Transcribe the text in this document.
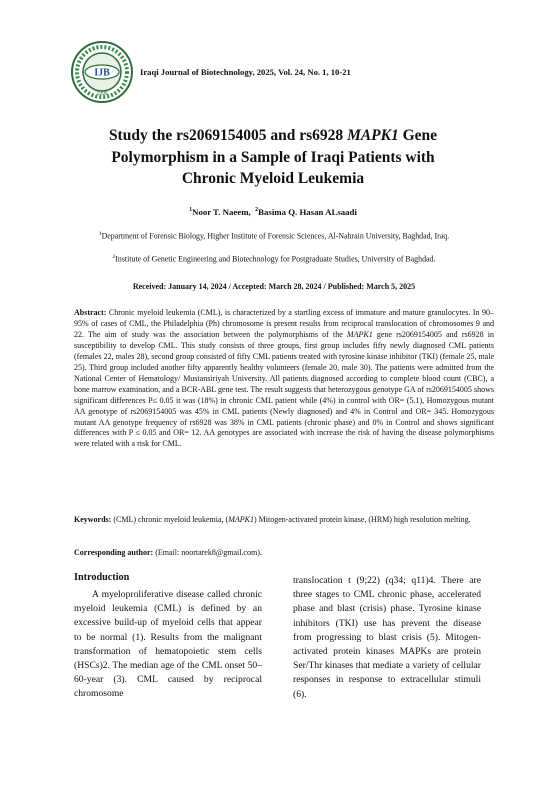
IJB
1999
Iraqi Journal of Biotechnology, 2025, Vol. 24, No. 1, 10-21
Study the rs2069154005 and rs6928 MAPK1 Gene
Polymorphism in a Sample of Iraqi Patients with
Chronic Myeloid Leukemia
$^1$Noor T. Naeem, $^2$Basima Q. Hasan ALsaadi
$^1$Department of Forensic Biology, Higher Institute of Forensic Sciences, Al-Nahrain University, Baghdad, Iraq.
$^2$Institute of Genetic Engineering and Biotechnology for Postgraduate Studies, University of Baghdad.
Received: January 14, 2024 / Accepted: March 28, 2024 / Published: March 5, 2025
Abstract: Chronic myeloid leukemia (CML), is characterized by a startling excess of immature and mature granulocytes. In 90–95% of cases of CML, the Philadelphia (Ph) chromosome is present results from reciprocal translocation of chromosomes 9 and 22. The aim of study was the association between the polymorphisms of the MAPK1 gene rs2069154005 and rs6928 in susceptibility to develop CML. This study consists of three groups, first group includes fifty newly diagnosed CML patients (females 22, males 28), second group consisted of fifty CML patients treated with tyrosine kinase inhibitor (TKI) (female 25, male 25). Third group included another fifty apparently healthy volunteers (female 20, male 30). The patients were admitted from the National Center of Hematology/ Mustansiriyah University. All patients diagnosed according to complete blood count (CBC), a bone marrow examination, and a BCR-ABL gene test. The result suggests that heterozygous genotype GA of rs2069154005 shows significant differences P≤ 0.05 it was (18%) in chronic CML patient while (4%) in control with OR= (5.1), Homozygous mutant AA genotype of rs2069154005 was 45% in CML patients (Newly diagnosed) and 4% in Control and OR= 345. Homozygous mutant AA genotype frequency of rs6928 was 38% in CML patients (chronic phase) and 0% in Control and shows significant differences with P ≤ 0.05 and OR= 12. AA genotypes are associated with increase the risk of having the disease polymorphisms were related with a risk for CML.
Keywords: (CML) chronic myeloid leukemia, (MAPK1) Mitogen-activated protein kinase, (HRM) high resolution melting.
Corresponding author: (Email: noortarek8@gmail.com).
Introduction
A myeloproliferative disease called chronic myeloid leukemia (CML) is defined by an excessive build-up of myeloid cells that appear to be normal (1). Results from the malignant transformation of hematopoietic stem cells (HSCs)2. The median age of the CML onset 50–60-year (3). CML caused by reciprocal chromosome
translocation t (9;22) (q34; q11)4. There are three stages to CML chronic phase, accelerated phase and blast (crisis) phase. Tyrosine kinase inhibitors (TKI) use has prevent the disease from progressing to blast crisis (5). Mitogen-activated protein kinases MAPKs are protein Ser/Thr kinases that mediate a variety of cellular responses in response to extracellular stimuli (6).
